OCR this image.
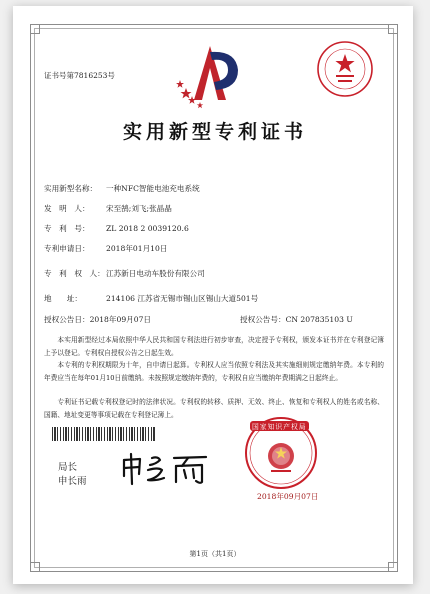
证书号第7816253号
实用新型专利证书
实用新型名称： 一种NFC智能电池充电系统
发　明　人： 宋至鹄;刘飞;张晶晶
专　利　号： ZL 2018 2 0039120.6
专利申请日： 2018年01月10日
专　利　权　人：江苏新日电动车股份有限公司
地　　址：	214106 江苏省无锡市锡山区锡山大道501号
授权公告日：2018年09月07日	授权公告号：CN 207835103 U
本实用新型经过本局依照中华人民共和国专利法进行初步审查，决定授予专利权，颁发本证书并在专利登记簿上予以登记。专利权自授权公告之日起生效。
本专利的专利权期限为十年，自申请日起算。专利权人应当依照专利法及其实施细则规定缴纳年费。本专利的年费应当在每年01月10日前缴纳。未按照规定缴纳年费的，专利权自应当缴纳年费期满之日起终止。
专利证书记载专利权登记时的法律状况。专利权的转移、质押、无效、终止、恢复和专利权人的姓名或名称、国籍、地址变更等事项记载在专利登记簿上。
局长
申长雨
国家知识产权局
2018年09月07日
第1页（共1页）
